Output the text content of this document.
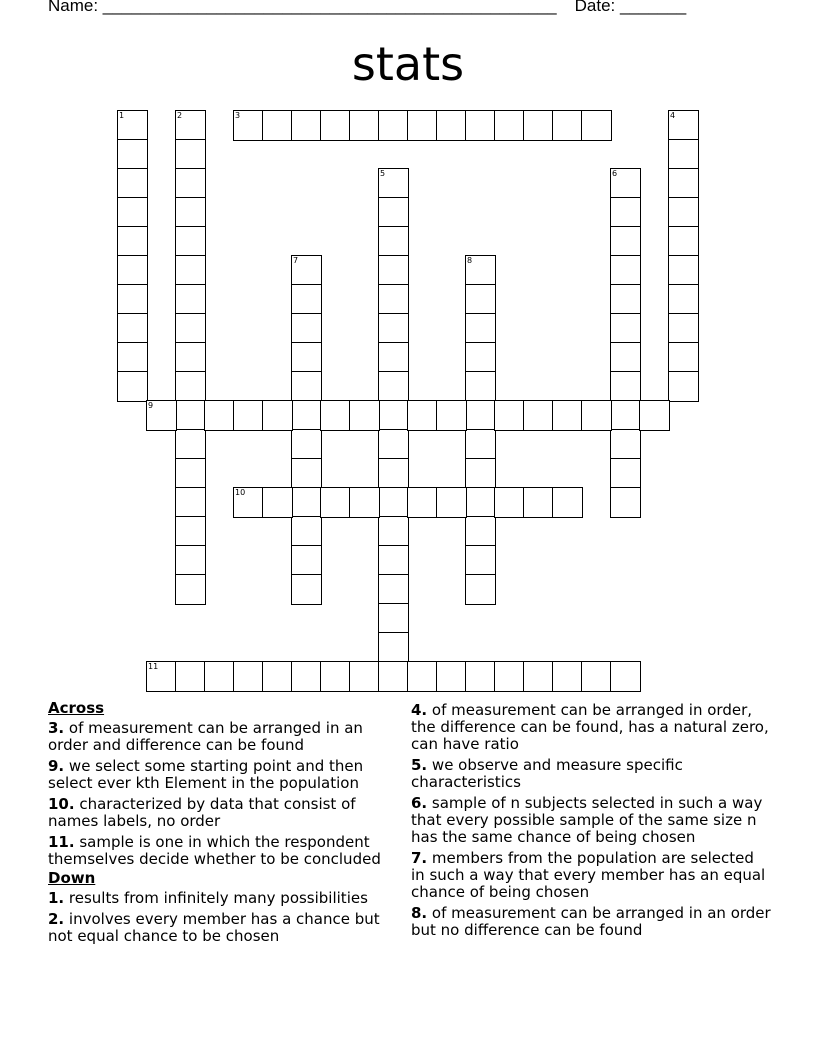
Name: ________________________________________________ Date: _______
stats
1	2	3	4
5	6
7	8
9
10
11
Across
3. of measurement can be arranged in an order and difference can be found
9. we select some starting point and then select ever kth Element in the population
10. characterized by data that consist of names labels, no order
11. sample is one in which the respondent themselves decide whether to be concluded
Down
1. results from infinitely many possibilities
2. involves every member has a chance but not equal chance to be chosen
4. of measurement can be arranged in order, the difference can be found, has a natural zero, can have ratio
5. we observe and measure specific characteristics
6. sample of n subjects selected in such a way that every possible sample of the same size n has the same chance of being chosen
7. members from the population are selected in such a way that every member has an equal chance of being chosen
8. of measurement can be arranged in an order but no difference can be found
